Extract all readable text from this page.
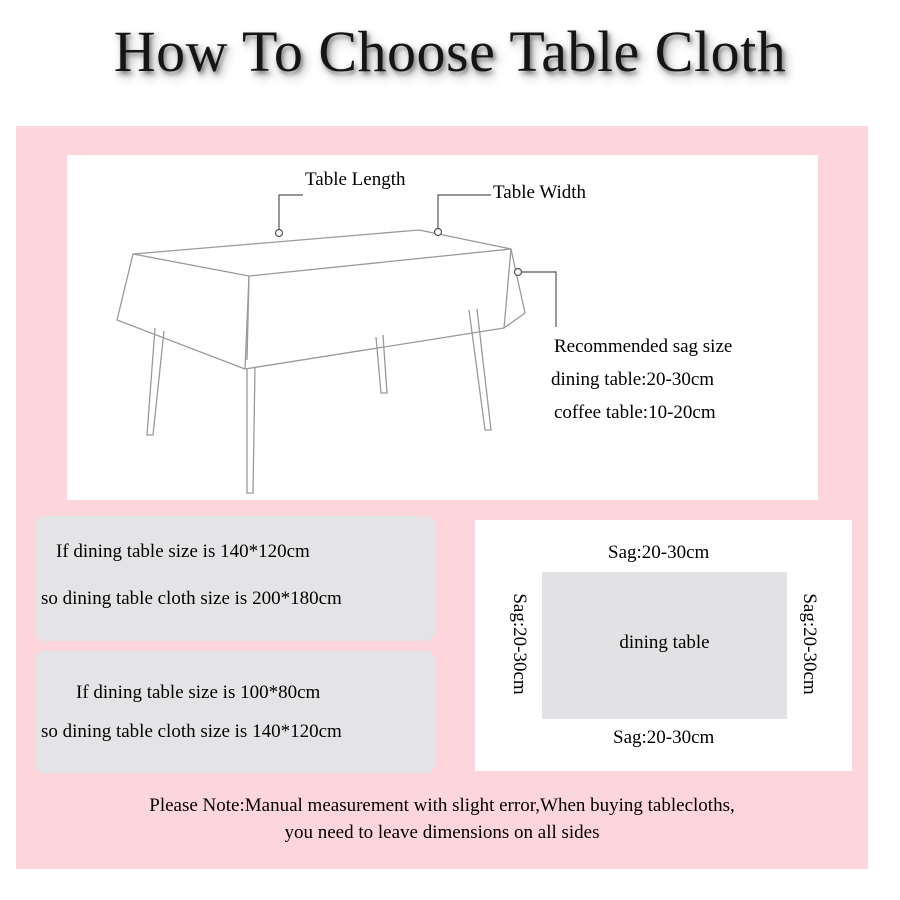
How To Choose Table Cloth
Table Length
Table Width
Recommended sag size
dining table:20-30cm
coffee table:10-20cm
If dining table size is 140*120cm
so dining table cloth size is 200*180cm
If dining table size is 100*80cm
so dining table cloth size is 140*120cm
Sag:20-30cm
dining table
Sag:20-30cm
Sag:20-30cm	Sag:20-30cm
Please Note:Manual measurement with slight error,When buying tablecloths,
you need to leave dimensions on all sides
